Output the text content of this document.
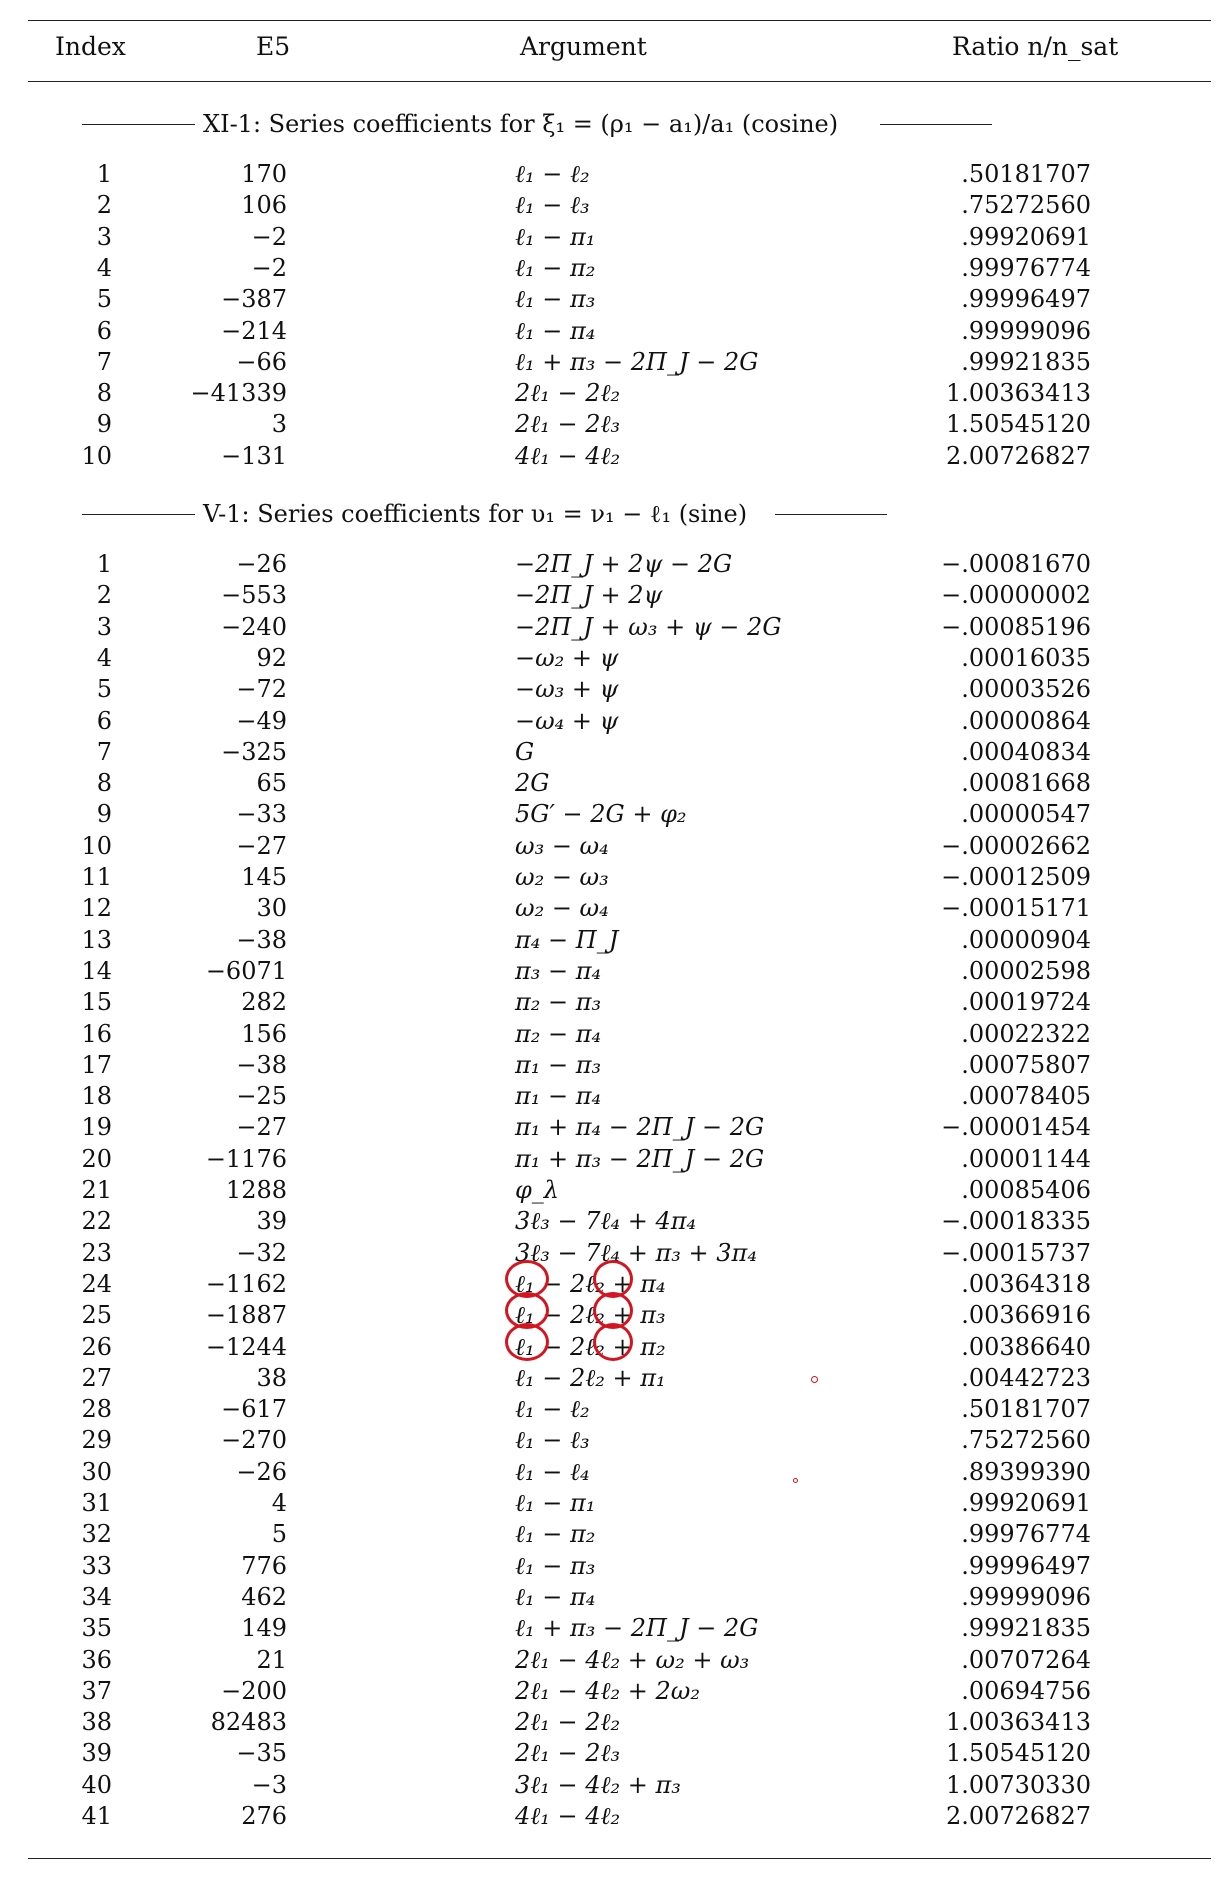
Index	E5	Argument	Ratio n/n_sat
XI-1: Series coefficients for ξ₁ = (ρ₁ − a₁)/a₁ (cosine)
1	170	ℓ₁ − ℓ₂	.50181707
2	106	ℓ₁ − ℓ₃	.75272560
3	−2	ℓ₁ − π₁	.99920691
4	−2	ℓ₁ − π₂	.99976774
5	−387	ℓ₁ − π₃	.99996497
6	−214	ℓ₁ − π₄	.99999096
7	−66	ℓ₁ + π₃ − 2Π_J − 2G	.99921835
8	−41339	2ℓ₁ − 2ℓ₂	1.00363413
9	3	2ℓ₁ − 2ℓ₃	1.50545120
10	−131	4ℓ₁ − 4ℓ₂	2.00726827
V-1: Series coefficients for υ₁ = ν₁ − ℓ₁ (sine)
1	−26	−2Π_J + 2ψ − 2G	−.00081670
2	−553	−2Π_J + 2ψ	−.00000002
3	−240	−2Π_J + ω₃ + ψ − 2G	−.00085196
4	92	−ω₂ + ψ	.00016035
5	−72	−ω₃ + ψ	.00003526
6	−49	−ω₄ + ψ	.00000864
7	−325	G	.00040834
8	65	2G	.00081668
9	−33	5G′ − 2G + φ₂	.00000547
10	−27	ω₃ − ω₄	−.00002662
11	145	ω₂ − ω₃	−.00012509
12	30	ω₂ − ω₄	−.00015171
13	−38	π₄ − Π_J	.00000904
14	−6071	π₃ − π₄	.00002598
15	282	π₂ − π₃	.00019724
16	156	π₂ − π₄	.00022322
17	−38	π₁ − π₃	.00075807
18	−25	π₁ − π₄	.00078405
19	−27	π₁ + π₄ − 2Π_J − 2G	−.00001454
20	−1176	π₁ + π₃ − 2Π_J − 2G	.00001144
21	1288	φ_λ	.00085406
22	39	3ℓ₃ − 7ℓ₄ + 4π₄	−.00018335
23	−32	3ℓ₃ − 7ℓ₄ + π₃ + 3π₄	−.00015737
24	−1162	ℓ₁ − 2ℓ₂ + π₄	.00364318
25	−1887	ℓ₁ − 2ℓ₂ + π₃	.00366916
26	−1244	ℓ₁ − 2ℓ₂ + π₂	.00386640
27	38	ℓ₁ − 2ℓ₂ + π₁	.00442723
28	−617	ℓ₁ − ℓ₂	.50181707
29	−270	ℓ₁ − ℓ₃	.75272560
30	−26	ℓ₁ − ℓ₄	.89399390
31	4	ℓ₁ − π₁	.99920691
32	5	ℓ₁ − π₂	.99976774
33	776	ℓ₁ − π₃	.99996497
34	462	ℓ₁ − π₄	.99999096
35	149	ℓ₁ + π₃ − 2Π_J − 2G	.99921835
36	21	2ℓ₁ − 4ℓ₂ + ω₂ + ω₃	.00707264
37	−200	2ℓ₁ − 4ℓ₂ + 2ω₂	.00694756
38	82483	2ℓ₁ − 2ℓ₂	1.00363413
39	−35	2ℓ₁ − 2ℓ₃	1.50545120
40	−3	3ℓ₁ − 4ℓ₂ + π₃	1.00730330
41	276	4ℓ₁ − 4ℓ₂	2.00726827
